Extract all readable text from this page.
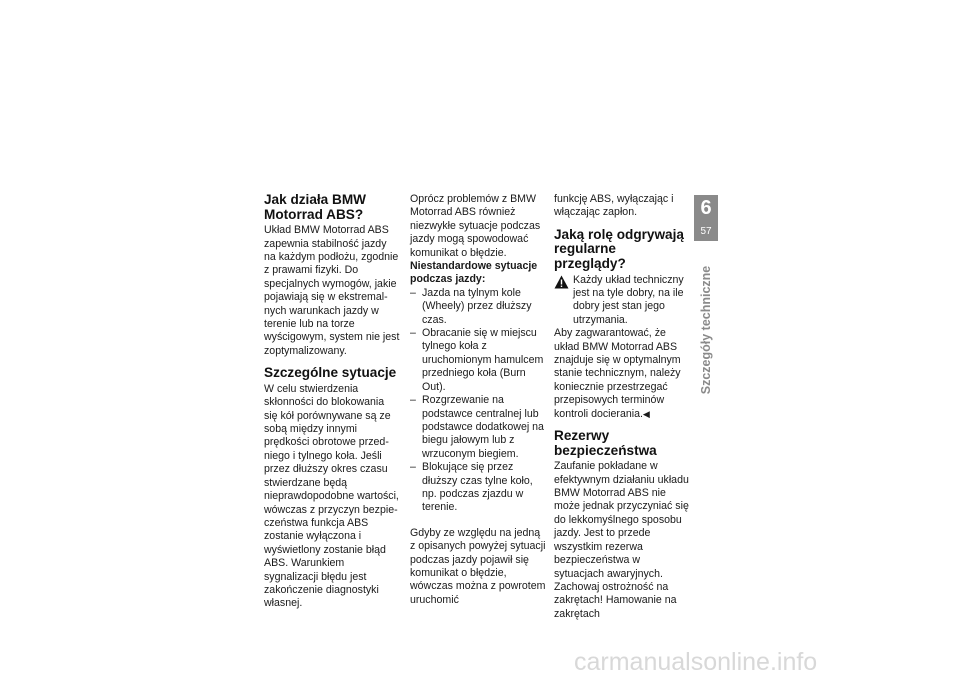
Jak działa BMW Motorrad ABS?

Układ BMW Motorrad ABS zapewnia stabilność jazdy na każdym podłożu, zgodnie z prawami fizyki. Do specjalnych wymogów, jakie pojawiają się w ekstremalnych warunkach jazdy w terenie lub na torze wyścigowym, system nie jest zoptymalizowany.

Szczególne sytuacje

W celu stwierdzenia skłonności do blokowania się kół porównywane są ze sobą między innymi prędkości obrotowe przedniego i tylnego koła. Jeśli przez dłuższy okres czasu stwierdzane będą nieprawdopodobne wartości, wówczas z przyczyn bezpieczeństwa funkcja ABS zostanie wyłączona i wyświetlony zostanie błąd ABS. Warunkiem sygnalizacji błędu jest zakończenie diagnostyki własnej.

Oprócz problemów z BMW Motorrad ABS również niezwykłe sytuacje podczas jazdy mogą spowodować komunikat o błędzie.

Niestandardowe sytuacje podczas jazdy:

– Jazda na tylnym kole (Wheely) przez dłuższy czas.
– Obracanie się w miejscu tylnego koła z uruchomionym hamulcem przedniego koła (Burn Out).
– Rozgrzewanie na podstawce centralnej lub podstawce dodatkowej na biegu jałowym lub z wrzuconym biegiem.
– Blokujące się przez dłuższy czas tylne koło, np. podczas zjazdu w terenie.

Gdyby ze względu na jedną z opisanych powyżej sytuacji podczas jazdy pojawił się komunikat o błędzie, wówczas można z powrotem uruchomić

funkcję ABS, wyłączając i włączając zapłon.

Jaką rolę odgrywają regularne przeglądy?

Każdy układ techniczny jest na tyle dobry, na ile dobry jest stan jego utrzymania.

Aby zagwarantować, że układ BMW Motorrad ABS znajduje się w optymalnym stanie technicznym, należy koniecznie przestrzegać przepisowych terminów kontroli docierania.◀

Rezerwy bezpieczeństwa

Zaufanie pokładane w efektywnym działaniu układu BMW Motorrad ABS nie może jednak przyczyniać się do lekkomyślnego sposobu jazdy. Jest to przede wszystkim rezerwa bezpieczeństwa w sytuacjach awaryjnych. Zachowaj ostrożność na zakrętach! Hamowanie na zakrętach

6
57
Szczegóły techniczne
carmanualsonline.info
